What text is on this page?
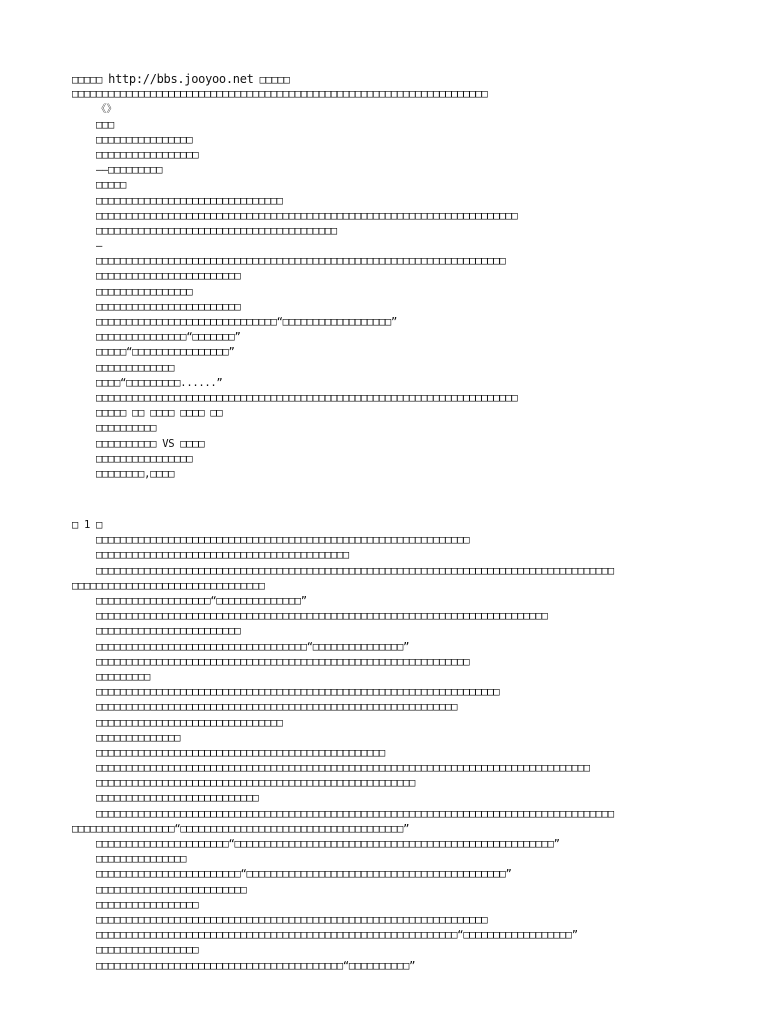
□□□□□ http://bbs.jooyoo.net □□□□□
□□□□□□□□□□□□□□□□□□□□□□□□□□□□□□□□□□□□□□□□□□□□□□□□□□□□□□□□□□□□□□□□□□□□□
《》
□□□
□□□□□□□□□□□□□□□□
□□□□□□□□□□□□□□□□□
——□□□□□□□□□
□□□□□
□□□□□□□□□□□□□□□□□□□□□□□□□□□□□□□
□□□□□□□□□□□□□□□□□□□□□□□□□□□□□□□□□□□□□□□□□□□□□□□□□□□□□□□□□□□□□□□□□□□□□□
□□□□□□□□□□□□□□□□□□□□□□□□□□□□□□□□□□□□□□□□
—
□□□□□□□□□□□□□□□□□□□□□□□□□□□□□□□□□□□□□□□□□□□□□□□□□□□□□□□□□□□□□□□□□□□□
□□□□□□□□□□□□□□□□□□□□□□□□
□□□□□□□□□□□□□□□□
□□□□□□□□□□□□□□□□□□□□□□□□
□□□□□□□□□□□□□□□□□□□□□□□□□□□□□□“□□□□□□□□□□□□□□□□□□”
□□□□□□□□□□□□□□□“□□□□□□□”
□□□□□“□□□□□□□□□□□□□□□□”
□□□□□□□□□□□□□
□□□□“□□□□□□□□□......”
□□□□□□□□□□□□□□□□□□□□□□□□□□□□□□□□□□□□□□□□□□□□□□□□□□□□□□□□□□□□□□□□□□□□□□
□□□□□ □□ □□□□ □□□□ □□
□□□□□□□□□□
□□□□□□□□□□ VS □□□□
□□□□□□□□□□□□□□□□
□□□□□□□□,□□□□
□ 1 □
□□□□□□□□□□□□□□□□□□□□□□□□□□□□□□□□□□□□□□□□□□□□□□□□□□□□□□□□□□□□□□
□□□□□□□□□□□□□□□□□□□□□□□□□□□□□□□□□□□□□□□□□□
□□□□□□□□□□□□□□□□□□□□□□□□□□□□□□□□□□□□□□□□□□□□□□□□□□□□□□□□□□□□□□□□□□□□□□□□□□□□□□□□□□□□□□
□□□□□□□□□□□□□□□□□□□□□□□□□□□□□□□□
□□□□□□□□□□□□□□□□□□□“□□□□□□□□□□□□□□”
□□□□□□□□□□□□□□□□□□□□□□□□□□□□□□□□□□□□□□□□□□□□□□□□□□□□□□□□□□□□□□□□□□□□□□□□□□□
□□□□□□□□□□□□□□□□□□□□□□□□
□□□□□□□□□□□□□□□□□□□□□□□□□□□□□□□□□□□“□□□□□□□□□□□□□□□”
□□□□□□□□□□□□□□□□□□□□□□□□□□□□□□□□□□□□□□□□□□□□□□□□□□□□□□□□□□□□□□
□□□□□□□□□
□□□□□□□□□□□□□□□□□□□□□□□□□□□□□□□□□□□□□□□□□□□□□□□□□□□□□□□□□□□□□□□□□□□
□□□□□□□□□□□□□□□□□□□□□□□□□□□□□□□□□□□□□□□□□□□□□□□□□□□□□□□□□□□□
□□□□□□□□□□□□□□□□□□□□□□□□□□□□□□□
□□□□□□□□□□□□□□
□□□□□□□□□□□□□□□□□□□□□□□□□□□□□□□□□□□□□□□□□□□□□□□□
□□□□□□□□□□□□□□□□□□□□□□□□□□□□□□□□□□□□□□□□□□□□□□□□□□□□□□□□□□□□□□□□□□□□□□□□□□□□□□□□□□
□□□□□□□□□□□□□□□□□□□□□□□□□□□□□□□□□□□□□□□□□□□□□□□□□□□□□
□□□□□□□□□□□□□□□□□□□□□□□□□□□
□□□□□□□□□□□□□□□□□□□□□□□□□□□□□□□□□□□□□□□□□□□□□□□□□□□□□□□□□□□□□□□□□□□□□□□□□□□□□□□□□□□□□□
□□□□□□□□□□□□□□□□□“□□□□□□□□□□□□□□□□□□□□□□□□□□□□□□□□□□□□□”
□□□□□□□□□□□□□□□□□□□□□□“□□□□□□□□□□□□□□□□□□□□□□□□□□□□□□□□□□□□□□□□□□□□□□□□□□□□□”
□□□□□□□□□□□□□□□
□□□□□□□□□□□□□□□□□□□□□□□□“□□□□□□□□□□□□□□□□□□□□□□□□□□□□□□□□□□□□□□□□□□□”
□□□□□□□□□□□□□□□□□□□□□□□□□
□□□□□□□□□□□□□□□□□
□□□□□□□□□□□□□□□□□□□□□□□□□□□□□□□□□□□□□□□□□□□□□□□□□□□□□□□□□□□□□□□□□
□□□□□□□□□□□□□□□□□□□□□□□□□□□□□□□□□□□□□□□□□□□□□□□□□□□□□□□□□□□□“□□□□□□□□□□□□□□□□□□”
□□□□□□□□□□□□□□□□□
□□□□□□□□□□□□□□□□□□□□□□□□□□□□□□□□□□□□□□□□□“□□□□□□□□□□”
